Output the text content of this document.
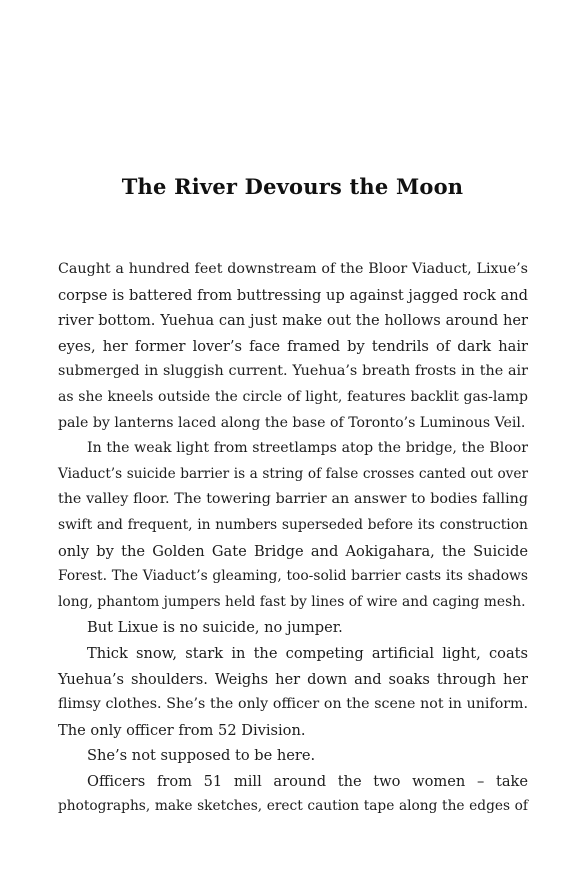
The River Devours the Moon
Caught a hundred feet downstream of the Bloor Viaduct, Lixue’s
corpse is battered from buttressing up against jagged rock and
river bottom. Yuehua can just make out the hollows around her
eyes, her former lover’s face framed by tendrils of dark hair
submerged in sluggish current. Yuehua’s breath frosts in the air
as she kneels outside the circle of light, features backlit gas-lamp
pale by lanterns laced along the base of Toronto’s Luminous Veil.
In the weak light from streetlamps atop the bridge, the Bloor
Viaduct’s suicide barrier is a string of false crosses canted out over
the valley floor. The towering barrier an answer to bodies falling
swift and frequent, in numbers superseded before its construction
only by the Golden Gate Bridge and Aokigahara, the Suicide
Forest. The Viaduct’s gleaming, too-solid barrier casts its shadows
long, phantom jumpers held fast by lines of wire and caging mesh.
But Lixue is no suicide, no jumper.
Thick snow, stark in the competing artificial light, coats
Yuehua’s shoulders. Weighs her down and soaks through her
flimsy clothes. She’s the only officer on the scene not in uniform.
The only officer from 52 Division.
She’s not supposed to be here.
Officers from 51 mill around the two women – take
photographs, make sketches, erect caution tape along the edges of
